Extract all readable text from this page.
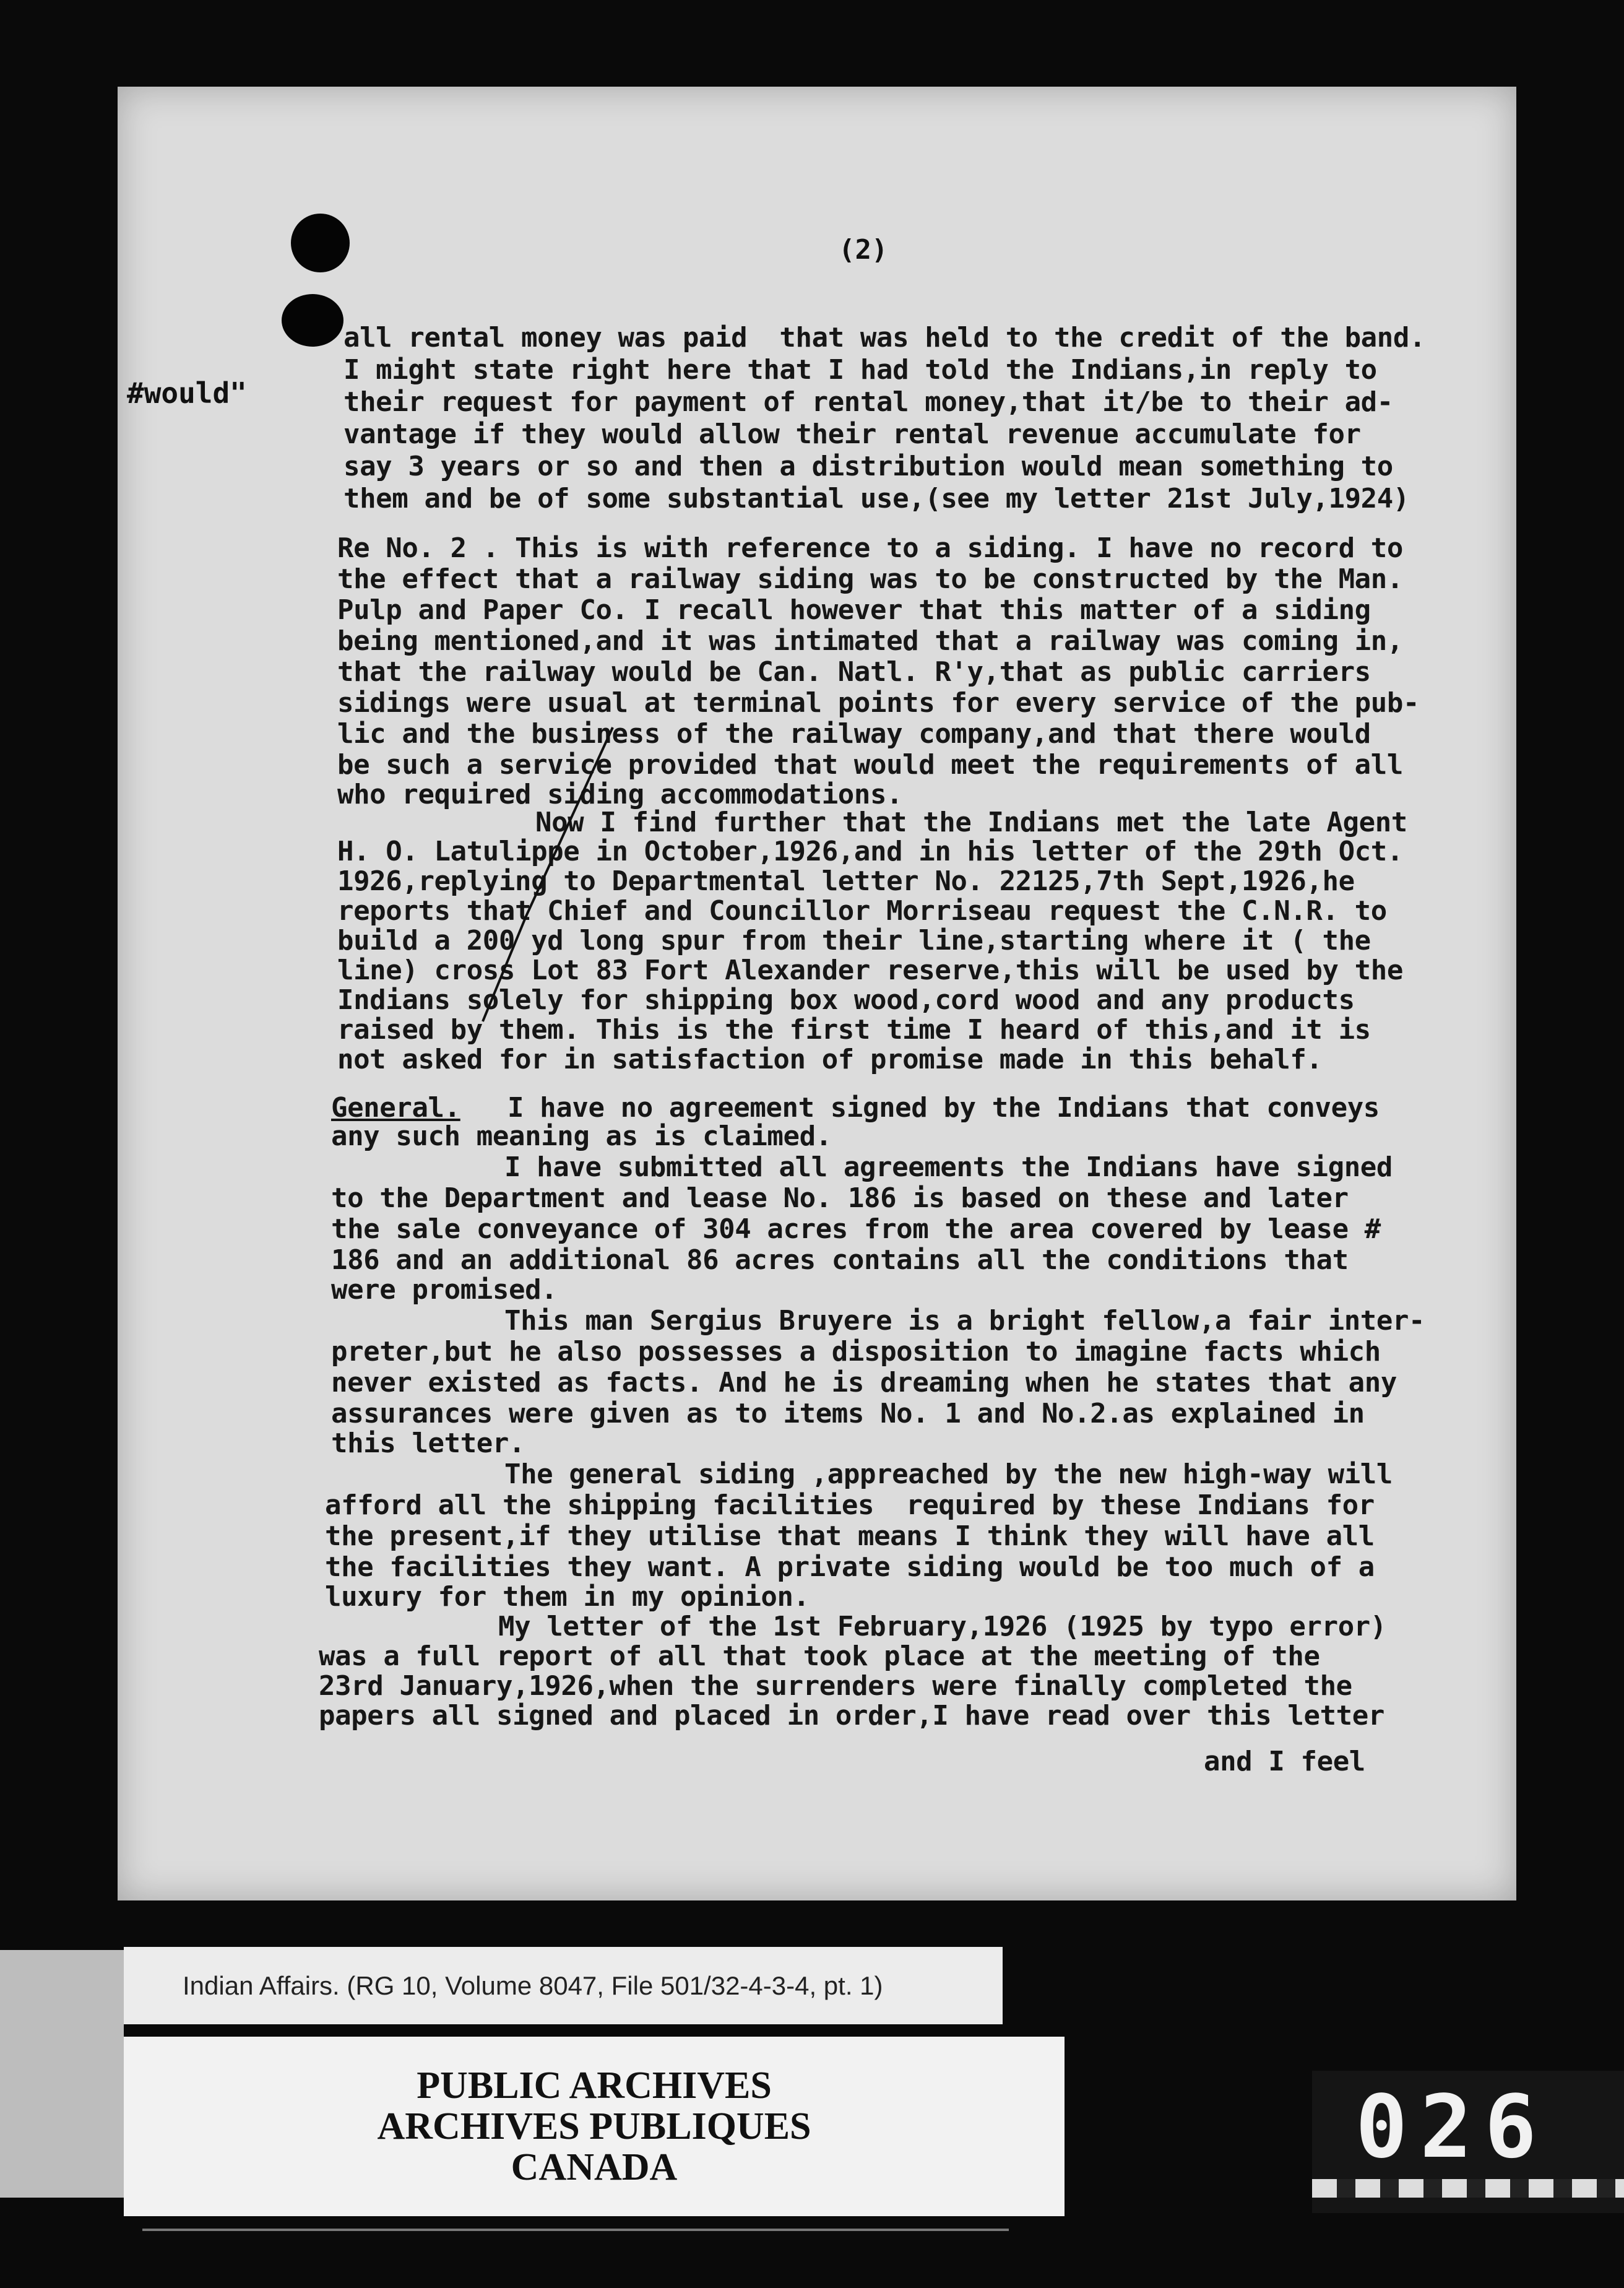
(2)
#would"
all rental money was paid  that was held to the credit of the band.
I might state right here that I had told the Indians,in reply to
their request for payment of rental money,that it/be to their ad-
vantage if they would allow their rental revenue accumulate for
say 3 years or so and then a distribution would mean something to
them and be of some substantial use,(see my letter 21st July,1924)
Re No. 2 . This is with reference to a siding. I have no record to
the effect that a railway siding was to be constructed by the Man.
Pulp and Paper Co. I recall however that this matter of a siding
being mentioned,and it was intimated that a railway was coming in,
that the railway would be Can. Natl. R'y,that as public carriers
sidings were usual at terminal points for every service of the pub-
lic and the business of the railway company,and that there would
be such a service provided that would meet the requirements of all
who required siding accommodations.
Now I find further that the Indians met the late Agent
H. O. Latulippe in October,1926,and in his letter of the 29th Oct.
1926,replying to Departmental letter No. 22125,7th Sept,1926,he
reports that Chief and Councillor Morriseau request the C.N.R. to
build a 200 yd long spur from their line,starting where it ( the
line) cross Lot 83 Fort Alexander reserve,this will be used by the
Indians solely for shipping box wood,cord wood and any products
raised by them. This is the first time I heard of this,and it is
not asked for in satisfaction of promise made in this behalf.
General. I have no agreement signed by the Indians that conveys
any such meaning as is claimed.
I have submitted all agreements the Indians have signed
to the Department and lease No. 186 is based on these and later
the sale conveyance of 304 acres from the area covered by lease #
186 and an additional 86 acres contains all the conditions that
were promised.
This man Sergius Bruyere is a bright fellow,a fair inter-
preter,but he also possesses a disposition to imagine facts which
never existed as facts. And he is dreaming when he states that any
assurances were given as to items No. 1 and No.2.as explained in
this letter.
The general siding ,appreached by the new high-way will
afford all the shipping facilities  required by these Indians for
the present,if they utilise that means I think they will have all
the facilities they want. A private siding would be too much of a
luxury for them in my opinion.
My letter of the 1st February,1926 (1925 by typo error)
was a full report of all that took place at the meeting of the
23rd January,1926,when the surrenders were finally completed the
papers all signed and placed in order,I have read over this letter
and I feel
Indian Affairs. (RG 10, Volume 8047, File 501/32-4-3-4, pt. 1)
PUBLIC ARCHIVES
ARCHIVES PUBLIQUES
CANADA	026
